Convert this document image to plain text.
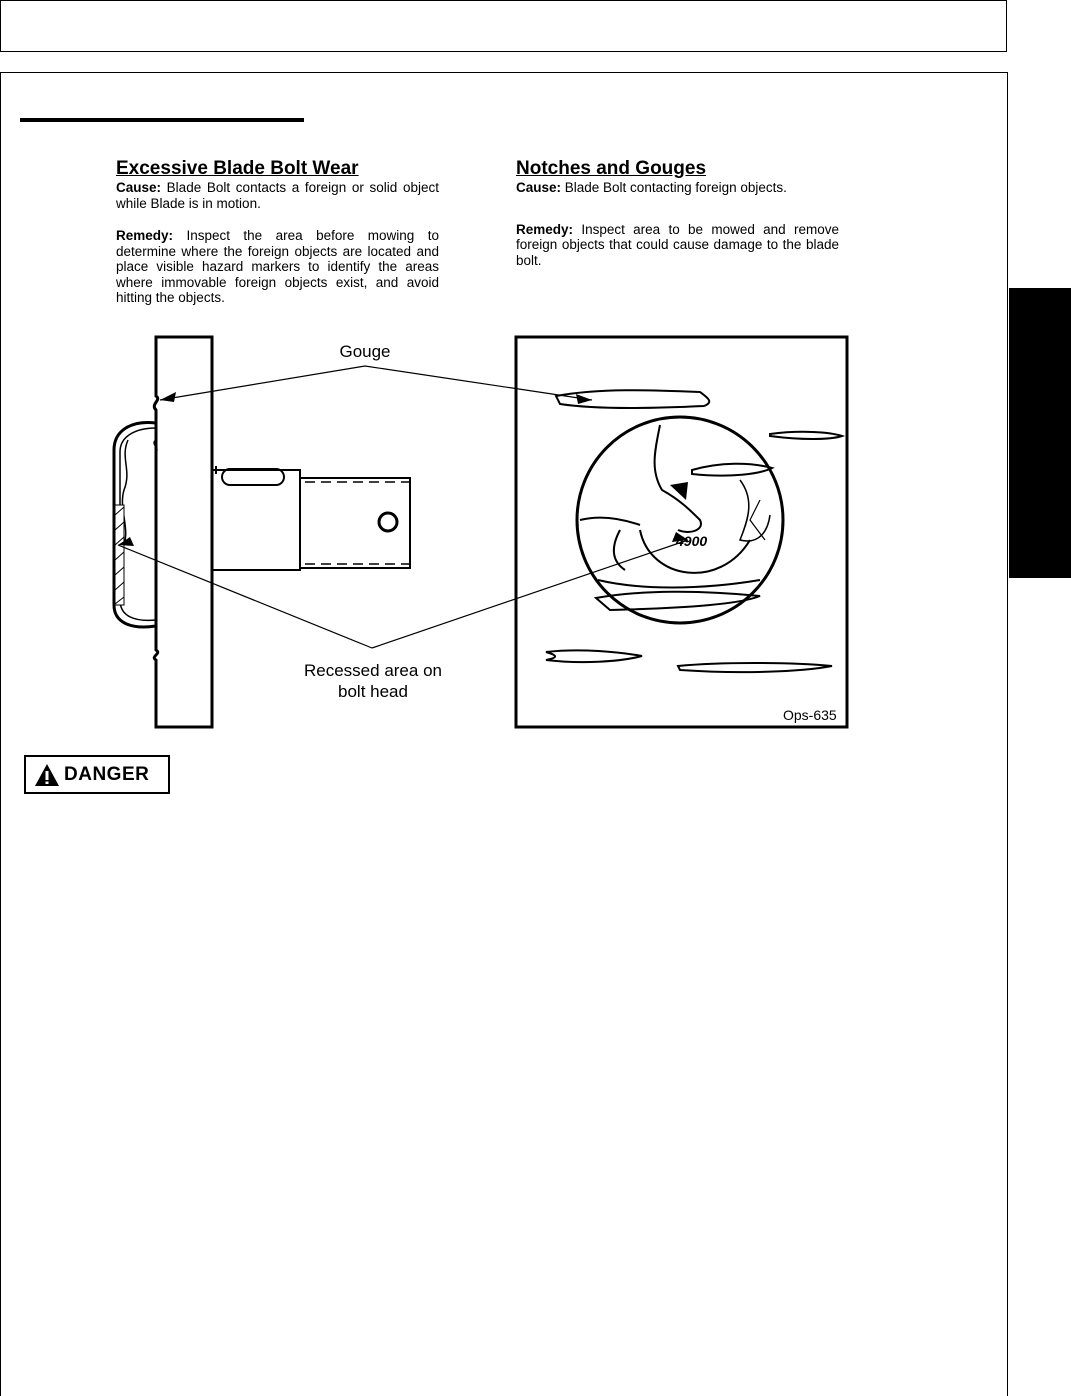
Excessive Blade Bolt Wear

Cause: Blade Bolt contacts a foreign or solid object while Blade is in motion.

Remedy: Inspect the area before mowing to determine where the foreign objects are located and place visible hazard markers to identify the areas where immovable foreign objects exist, and avoid hitting the objects.

Notches and Gouges

Cause: Blade Bolt contacting foreign objects.

Remedy: Inspect area to be mowed and remove foreign objects that could cause damage to the blade bolt.

Gouge
Recessed area on
bolt head
4900
Ops-635
DANGER
